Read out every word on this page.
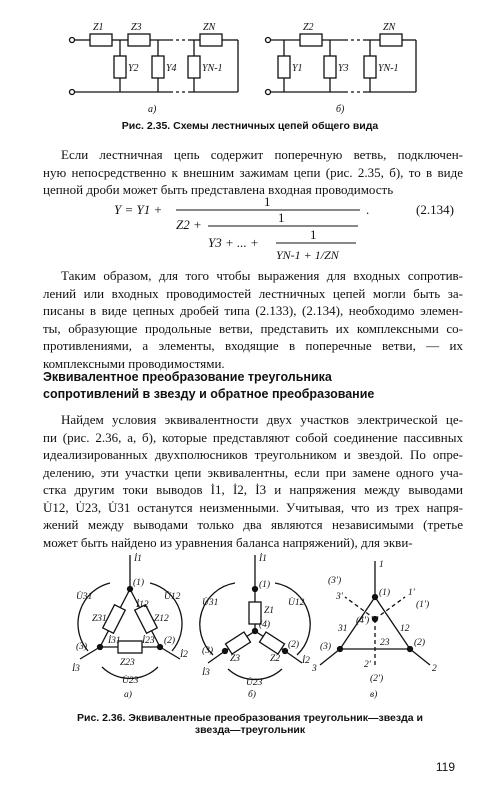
Z1	Z3	ZN
Y2	Y4	YN-1
а)
Z2	ZN
Y1	Y3	YN-1
б)
Рис. 2.35. Схемы лестничных цепей общего вида
Если лестничная цепь содержит поперечную ветвь, подключен-
ную непосредственно к внешним зажимам цепи (рис. 2.35, б), то в виде
цепной дроби может быть представлена входная проводимость
Y = Y1 +
1
Z2 +	1
Y3 + ... +
1
YN-1 + 1/ZN
.	(2.134)
Таким образом, для того чтобы выражения для входных сопротив-
лений или входных проводимостей лестничных цепей могли быть за-
писаны в виде цепных дробей типа (2.133), (2.134), необходимо элемен-
ты, образующие продольные ветви, представить их комплексными со-
противлениями, а элементы, входящие в поперечные ветви, — их
комплексными проводимостями.
Эквивалентное преобразование треугольника
сопротивлений в звезду и обратное преобразование
Найдем условия эквивалентности двух участков электрической це-
пи (рис. 2.36, а, б), которые представляют собой соединение пассивных
идеализированных двухполюсников треугольником и звездой. По опре-
делению, эти участки цепи эквивалентны, если при замене одного уча-
стка другим токи выводов İ1, İ2, İ3 и напряжения между выводами
U̇12, U̇23, U̇31 останутся неизменными. Учитывая, что из трех напря-
жений между выводами только два являются независимыми (третье
может быть найдено из уравнения баланса напряжений), для экви-
İ1
(1)
U̇31	U̇12
Z31	Z12
İ12
İ31 İ23
Z23
(3)
(2)
İ3
İ2
U̇23
а)
İ1
(1)
Z1
(4)
U̇31	U̇12
Z3	Z2
(3)
(2)
İ3
İ2
U̇23
б)
1
(3')
3'	(1) 1'
(1')
(4')
31	12
(3)	23	(2)
3	2
2'
(2')
в)
Рис. 2.36. Эквивалентные преобразования треугольник—звезда и
звезда—треугольник
119
